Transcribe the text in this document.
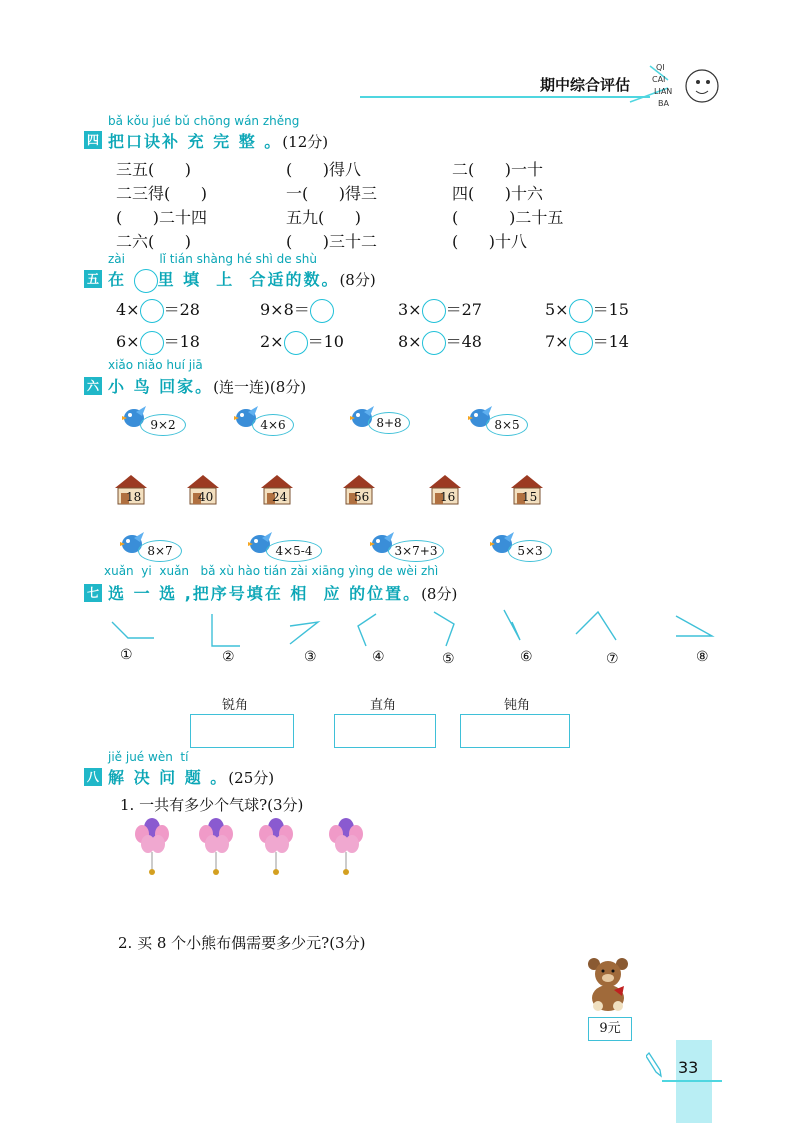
期中综合评估
QI
CAI
LIAN
BA
bǎ kǒu jué bǔ chōng wán zhěng
四 把口诀补 充 完 整 。(12分)
三五(      )	(      )得八	二(      )一十
二三得(      )	一(      )得三	四(      )十六
(      )二十四	五九(      )	(          )二十五
二六(      )	(      )三十二	(      )十八
zài         lǐ tián shàng hé shì de shù
五 在 里 填  上  合适的数。(8分)
4× ＝28	9×8＝	3× ＝27	5× ＝15
6× ＝18	2× ＝10	8× ＝48	7× ＝14
xiǎo niǎo huí jiā
六 小 鸟 回家。(连一连)(8分)
9×2	4×6	8+8	8×5
18	40	24	56	16	15
8×7	4×5-4	3×7+3	5×3
xuǎn  yi  xuǎn   bǎ xù hào tián zài xiāng yìng de wèi zhì
七 选 一 选 ,把序号填在 相  应 的位置。(8分)
①	②	③	④	⑤	⑥	⑦	⑧
锐角	直角	钝角
jiě jué wèn  tí
八 解 决 问 题 。(25分)
1. 一共有多少个气球?(3分)
2. 买 8 个小熊布偶需要多少元?(3分)
9元
33
